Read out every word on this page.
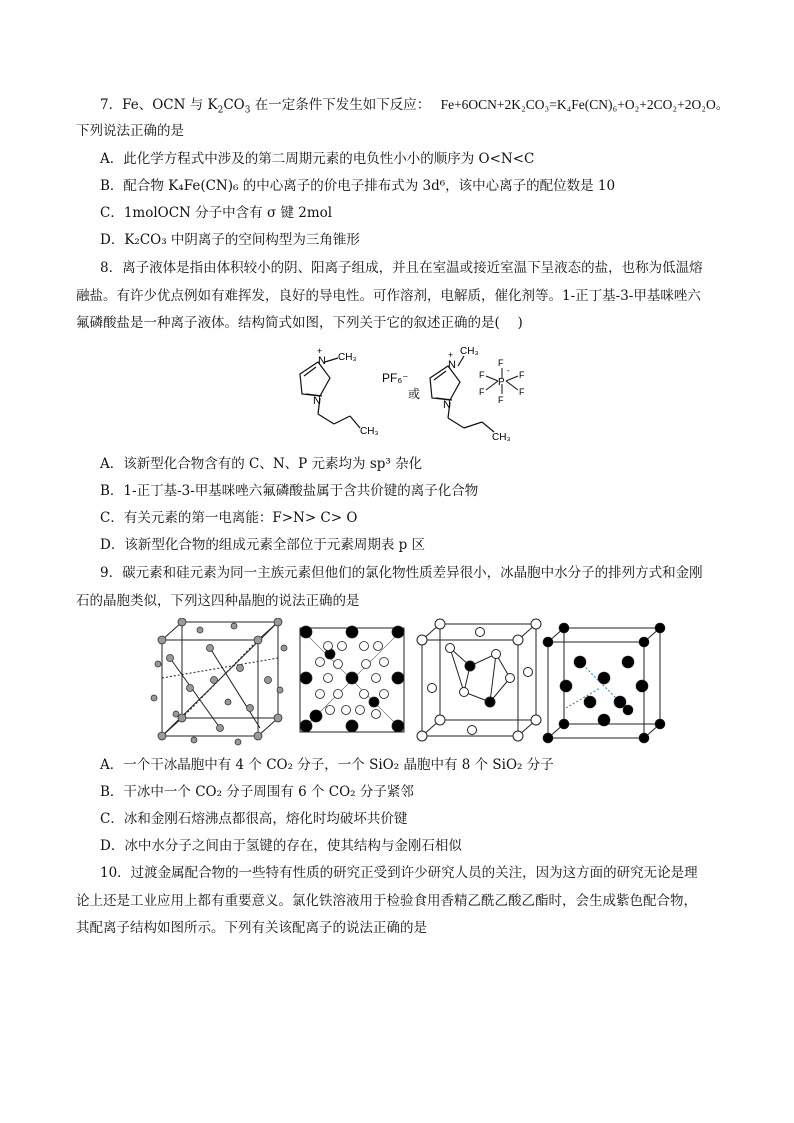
7．Fe、OCN 与 $K_2CO_3$ 在一定条件下发生如下反应： Fe+6OCN+2K₂CO₃=K₄Fe(CN)₆+O₂+2CO₂+2O₂O。
下列说法正确的是
A．此化学方程式中涉及的第二周期元素的电负性小小的顺序为 O<N<C
B．配合物 K₄Fe(CN)₆ 的中心离子的价电子排布式为 3d⁶，该中心离子的配位数是 10
C．1molOCN 分子中含有 σ 键 2mol
D．K₂CO₃ 中阴离子的空间构型为三角锥形
8．离子液体是指由体积较小的阴、阳离子组成，并且在室温或接近室温下呈液态的盐，也称为低温熔
融盐。有许少优点例如有难挥发，良好的导电性。可作溶剂，电解质，催化剂等。1-正丁基-3-甲基咪唑六
氟磷酸盐是一种离子液体。结构简式如图，下列关于它的叙述正确的是(　 )
N
+
CH₃
N
CH₃
PF₆⁻
或
N
+ CH₃
N
CH₃
P
-
F
F
F
F
F
F
A．该新型化合物含有的 C、N、P 元素均为 sp³ 杂化
B．1-正丁基-3-甲基咪唑六氟磷酸盐属于含共价键的离子化合物
C．有关元素的第一电离能：F>N> C> O
D．该新型化合物的组成元素全部位于元素周期表 p 区
9．碳元素和硅元素为同一主族元素但他们的氯化物性质差异很小，冰晶胞中水分子的排列方式和金刚
石的晶胞类似，下列这四种晶胞的说法正确的是
A．一个干冰晶胞中有 4 个 CO₂ 分子，一个 SiO₂ 晶胞中有 8 个 SiO₂ 分子
B．干冰中一个 CO₂ 分子周围有 6 个 CO₂ 分子紧邻
C．冰和金刚石熔沸点都很高，熔化时均破坏共价键
D．冰中水分子之间由于氢键的存在，使其结构与金刚石相似
10．过渡金属配合物的一些特有性质的研究正受到许少研究人员的关注，因为这方面的研究无论是理
论上还是工业应用上都有重要意义。氯化铁溶液用于检验食用香精乙酰乙酸乙酯时，会生成紫色配合物，
其配离子结构如图所示。下列有关该配离子的说法正确的是
